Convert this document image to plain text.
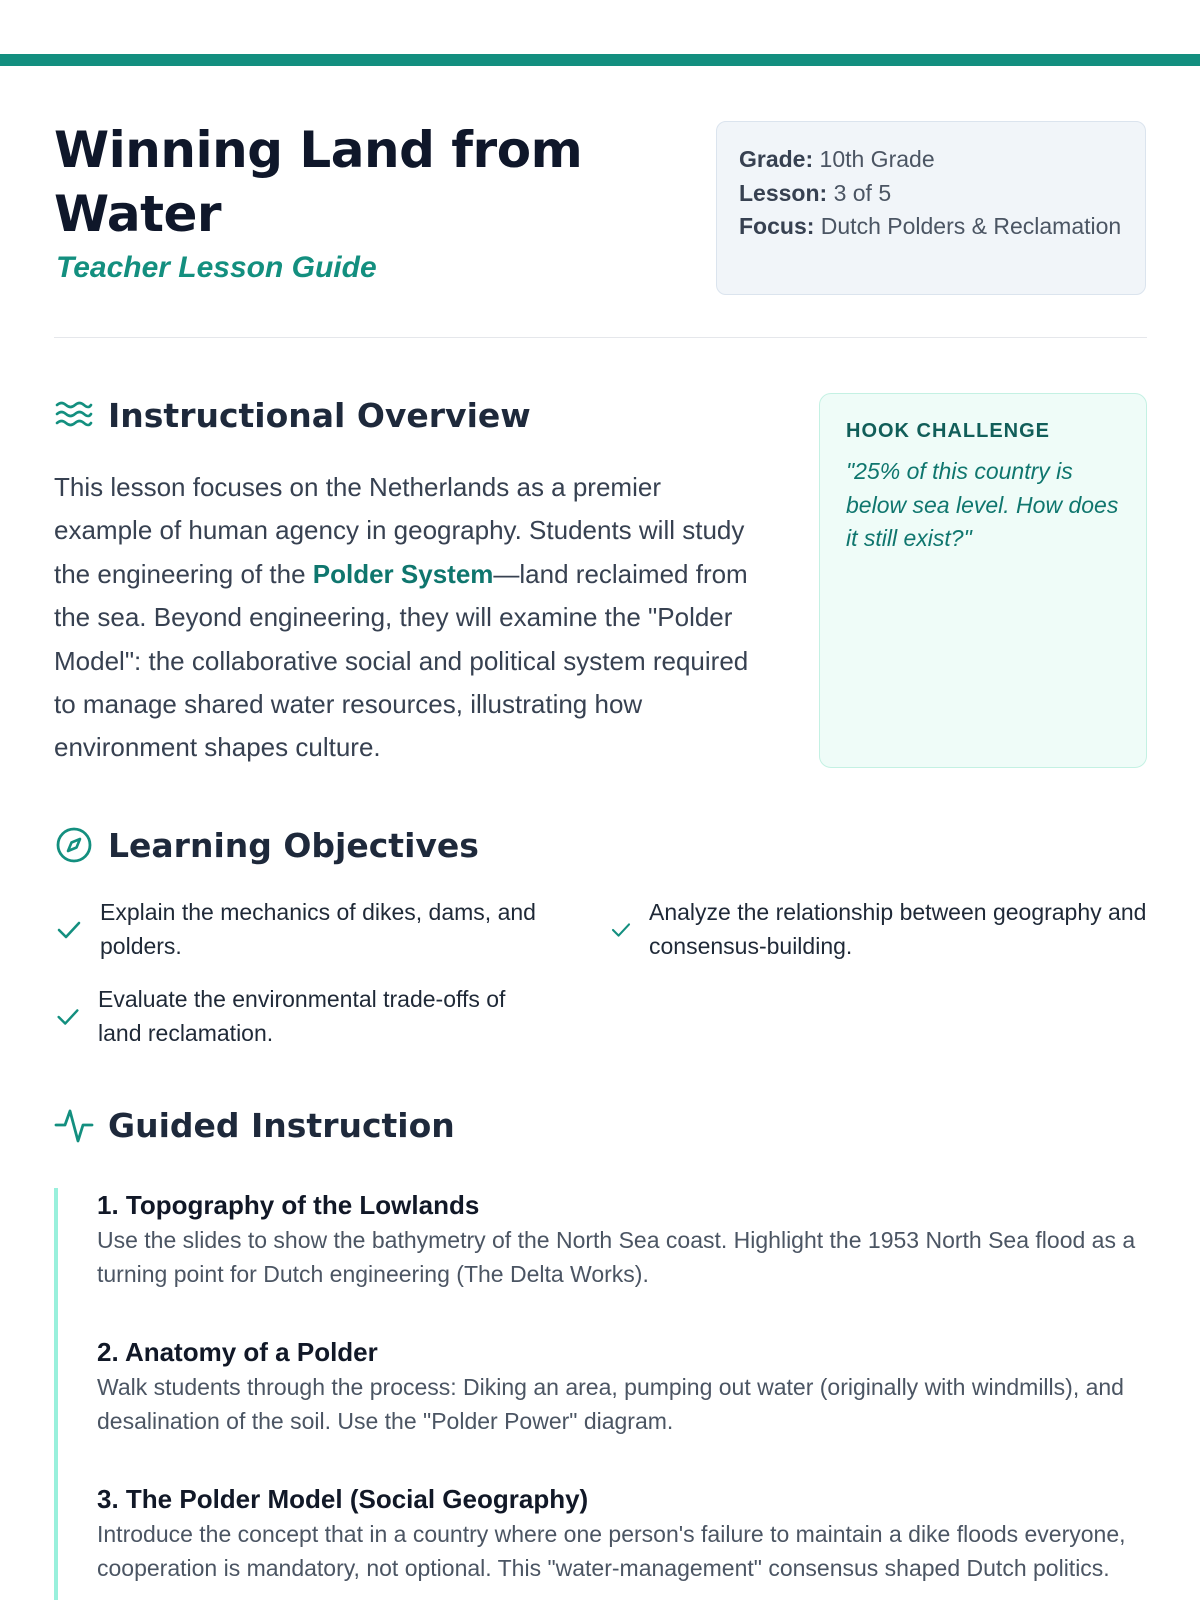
Winning Land from Water

Teacher Lesson Guide

Grade: 10th Grade
Lesson: 3 of 5
Focus: Dutch Polders & Reclamation
Instructional Overview

This lesson focuses on the Netherlands as a premier example of human agency in geography. Students will study the engineering of the Polder System—land reclaimed from the sea. Beyond engineering, they will examine the "Polder Model": the collaborative social and political system required to manage shared water resources, illustrating how environment shapes culture.

HOOK CHALLENGE

"25% of this country is below sea level. How does it still exist?"

Learning Objectives
Explain the mechanics of dikes, dams, and polders.
Analyze the relationship between geography and consensus-building.
Evaluate the environmental trade-offs of land reclamation.
Guided Instruction

1. Topography of the Lowlands

Use the slides to show the bathymetry of the North Sea coast. Highlight the 1953 North Sea flood as a turning point for Dutch engineering (The Delta Works).

2. Anatomy of a Polder

Walk students through the process: Diking an area, pumping out water (originally with windmills), and desalination of the soil. Use the "Polder Power" diagram.

3. The Polder Model (Social Geography)

Introduce the concept that in a country where one person's failure to maintain a dike floods everyone, cooperation is mandatory, not optional. This "water-management" consensus shaped Dutch politics.
